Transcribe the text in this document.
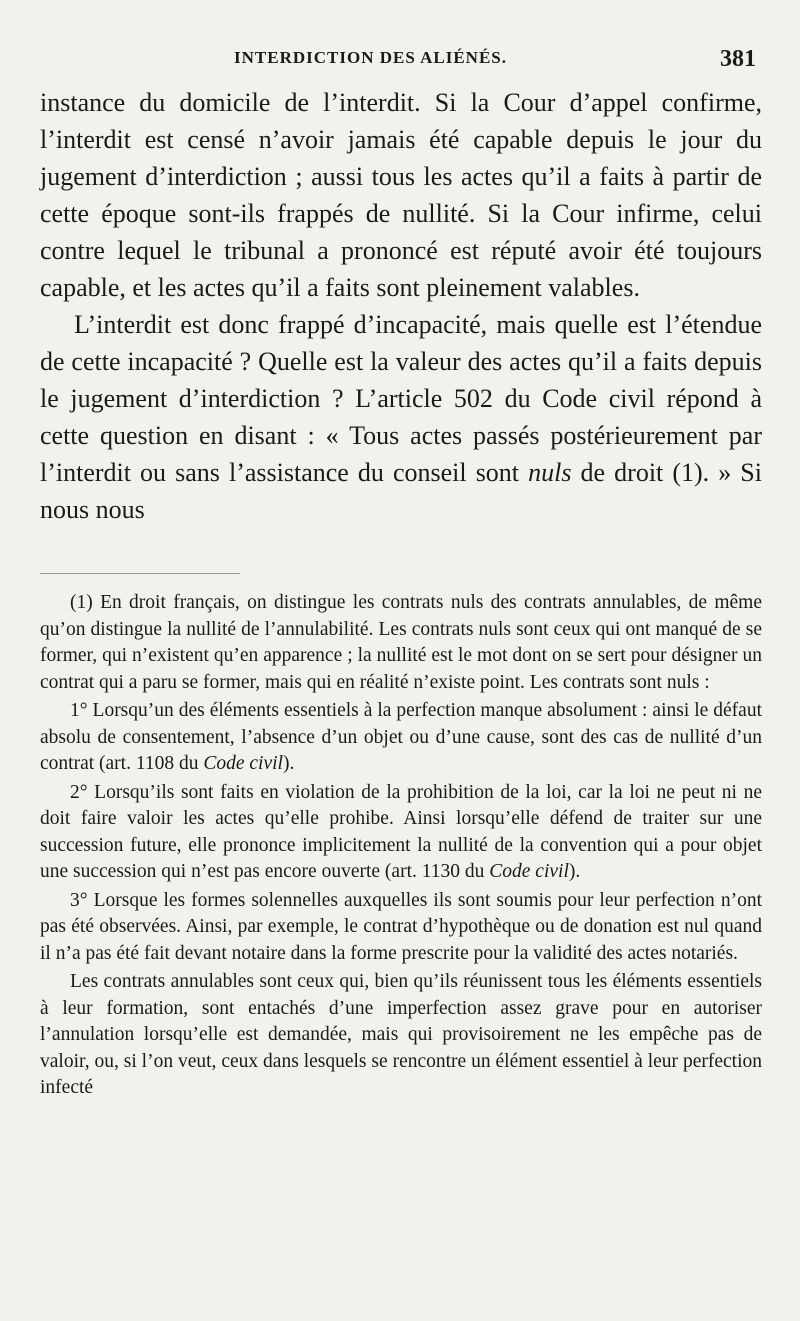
INTERDICTION DES ALIÉNÉS.	381

instance du domicile de l’interdit. Si la Cour d’appel confirme, l’interdit est censé n’avoir jamais été capable depuis le jour du jugement d’interdiction ; aussi tous les actes qu’il a faits à partir de cette époque sont-ils frappés de nullité. Si la Cour infirme, celui contre lequel le tribunal a prononcé est réputé avoir été toujours capable, et les actes qu’il a faits sont pleinement valables.

L’interdit est donc frappé d’incapacité, mais quelle est l’étendue de cette incapacité ? Quelle est la valeur des actes qu’il a faits depuis le jugement d’interdiction ? L’article 502 du Code civil répond à cette question en disant : « Tous actes passés postérieurement par l’interdit ou sans l’assistance du conseil sont nuls de droit (1). » Si nous nous

(1) En droit français, on distingue les contrats nuls des contrats annulables, de même qu’on distingue la nullité de l’annulabilité. Les contrats nuls sont ceux qui ont manqué de se former, qui n’existent qu’en apparence ; la nullité est le mot dont on se sert pour désigner un contrat qui a paru se former, mais qui en réalité n’existe point. Les contrats sont nuls :

1° Lorsqu’un des éléments essentiels à la perfection manque absolument : ainsi le défaut absolu de consentement, l’absence d’un objet ou d’une cause, sont des cas de nullité d’un contrat (art. 1108 du Code civil).

2° Lorsqu’ils sont faits en violation de la prohibition de la loi, car la loi ne peut ni ne doit faire valoir les actes qu’elle prohibe. Ainsi lorsqu’elle défend de traiter sur une succession future, elle prononce implicitement la nullité de la convention qui a pour objet une succession qui n’est pas encore ouverte (art. 1130 du Code civil).

3° Lorsque les formes solennelles auxquelles ils sont soumis pour leur perfection n’ont pas été observées. Ainsi, par exemple, le contrat d’hypothèque ou de donation est nul quand il n’a pas été fait devant notaire dans la forme prescrite pour la validité des actes notariés.

Les contrats annulables sont ceux qui, bien qu’ils réunissent tous les éléments essentiels à leur formation, sont entachés d’une imperfection assez grave pour en autoriser l’annulation lorsqu’elle est demandée, mais qui provisoirement ne les empêche pas de valoir, ou, si l’on veut, ceux dans lesquels se rencontre un élément essentiel à leur perfection infecté
